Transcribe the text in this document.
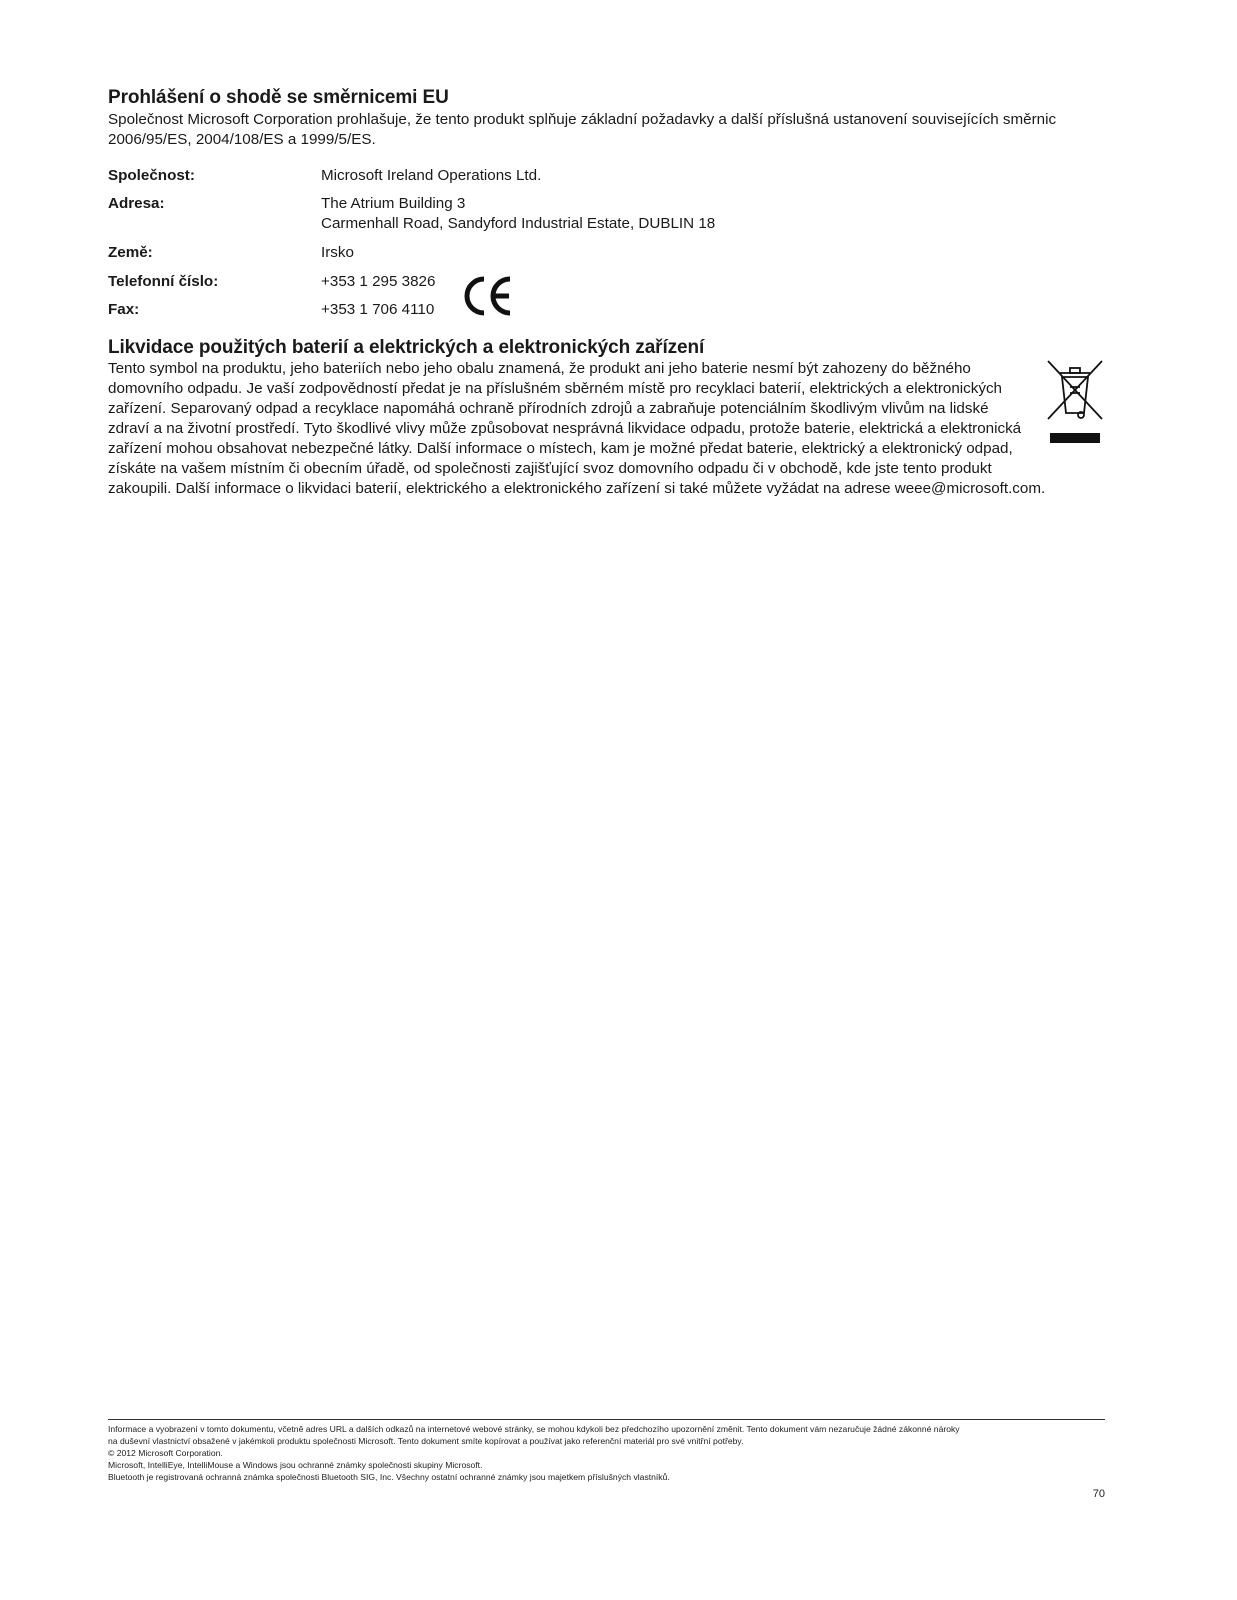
Prohlášení o shodě se směrnicemi EU
Společnost Microsoft Corporation prohlašuje, že tento produkt splňuje základní požadavky a další příslušná ustanovení souvisejících směrnic 2006/95/ES, 2004/108/ES a 1999/5/ES.
Společnost:	Microsoft Ireland Operations Ltd.
Adresa:	The Atrium Building 3
Carmenhall Road, Sandyford Industrial Estate, DUBLIN 18
Země:	Irsko
Telefonní číslo:	+353 1 295 3826
Fax:	+353 1 706 4110
Likvidace použitých baterií a elektrických a elektronických zařízení
Tento symbol na produktu, jeho bateriích nebo jeho obalu znamená, že produkt ani jeho baterie nesmí být zahozeny do běžného
domovního odpadu. Je vaší zodpovědností předat je na příslušném sběrném místě pro recyklaci baterií, elektrických a elektronických
zařízení. Separovaný odpad a recyklace napomáhá ochraně přírodních zdrojů a zabraňuje potenciálním škodlivým vlivům na lidské
zdraví a na životní prostředí. Tyto škodlivé vlivy může způsobovat nesprávná likvidace odpadu, protože baterie, elektrická a elektronická
zařízení mohou obsahovat nebezpečné látky. Další informace o místech, kam je možné předat baterie, elektrický a elektronický odpad,
získáte na vašem místním či obecním úřadě, od společnosti zajišťující svoz domovního odpadu či v obchodě, kde jste tento produkt
zakoupili. Další informace o likvidaci baterií, elektrického a elektronického zařízení si také můžete vyžádat na adrese weee@microsoft.com.
Informace a vyobrazení v tomto dokumentu, včetně adres URL a dalších odkazů na internetové webové stránky, se mohou kdykoli bez předchozího upozornění změnit. Tento dokument vám nezaručuje žádné zákonné nároky
na duševní vlastnictví obsažené v jakémkoli produktu společnosti Microsoft. Tento dokument smíte kopírovat a používat jako referenční materiál pro své vnitřní potřeby.
© 2012 Microsoft Corporation.
Microsoft, IntelliEye, IntelliMouse a Windows jsou ochranné známky společnosti skupiny Microsoft.
Bluetooth je registrovaná ochranná známka společnosti Bluetooth SIG, Inc. Všechny ostatní ochranné známky jsou majetkem příslušných vlastníků.
70
